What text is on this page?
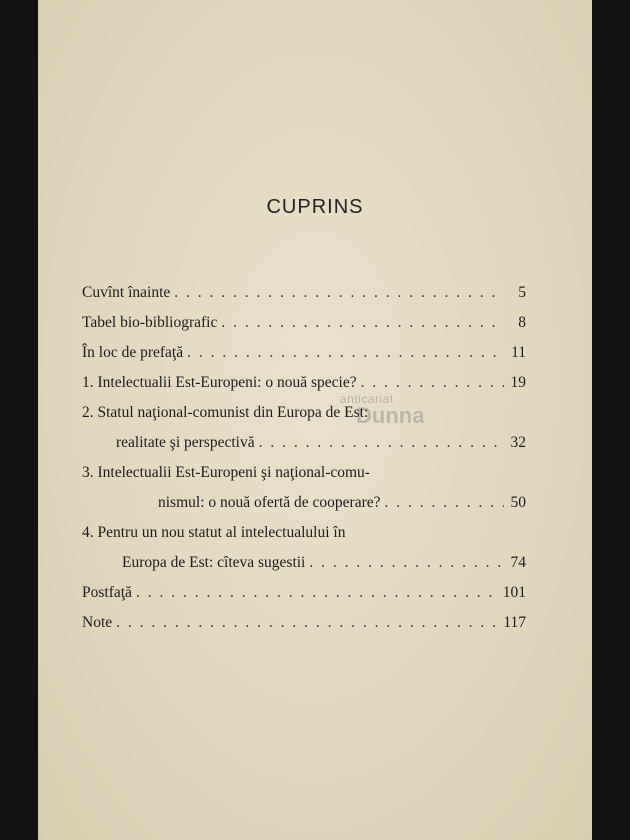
CUPRINS
Cuvînt înainte . . .	5
Tabel bio-bibliografic . . .	8
În loc de prefaţă . . .	11
1. Intelectualii Est-Europeni: o nouă specie? . . .	19
2. Statul naţional-comunist din Europa de Est:
realitate şi perspectivă . . .	32
3. Intelectualii Est-Europeni şi naţional-comu-
nismul: o nouă ofertă de cooperare? . . .	50
4. Pentru un nou statut al intelectualului în
Europa de Est: cîteva sugestii . . .	74
Postfaţă . . .	101
Note . . .	117
anticariat
Dunna
